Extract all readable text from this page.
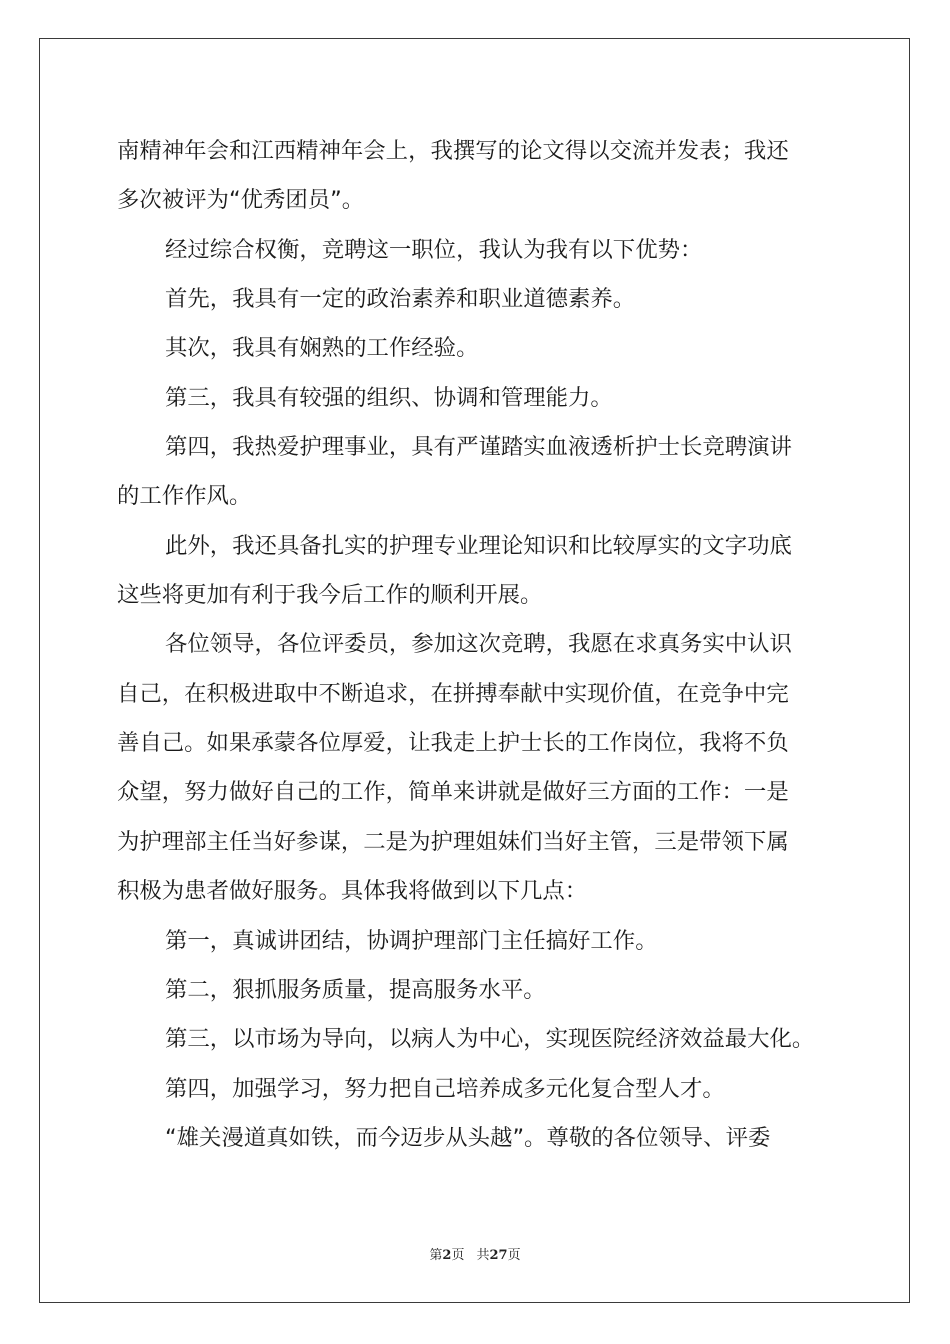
南精神年会和江西精神年会上，我撰写的论文得以交流并发表；我还
多次被评为“优秀团员”。
经过综合权衡，竞聘这一职位，我认为我有以下优势：
首先，我具有一定的政治素养和职业道德素养。
其次，我具有娴熟的工作经验。
第三，我具有较强的组织、协调和管理能力。
第四，我热爱护理事业，具有严谨踏实血液透析护士长竞聘演讲
的工作作风。
此外，我还具备扎实的护理专业理论知识和比较厚实的文字功底
这些将更加有利于我今后工作的顺利开展。
各位领导，各位评委员，参加这次竞聘，我愿在求真务实中认识
自己，在积极进取中不断追求，在拼搏奉献中实现价值，在竞争中完
善自己。如果承蒙各位厚爱，让我走上护士长的工作岗位，我将不负
众望，努力做好自己的工作，简单来讲就是做好三方面的工作：一是
为护理部主任当好参谋，二是为护理姐妹们当好主管，三是带领下属
积极为患者做好服务。具体我将做到以下几点：
第一，真诚讲团结，协调护理部门主任搞好工作。
第二，狠抓服务质量，提高服务水平。
第三，以市场为导向，以病人为中心，实现医院经济效益最大化。
第四，加强学习，努力把自己培养成多元化复合型人才。
“雄关漫道真如铁，而今迈步从头越”。尊敬的各位领导、评委
第2页 共27页
